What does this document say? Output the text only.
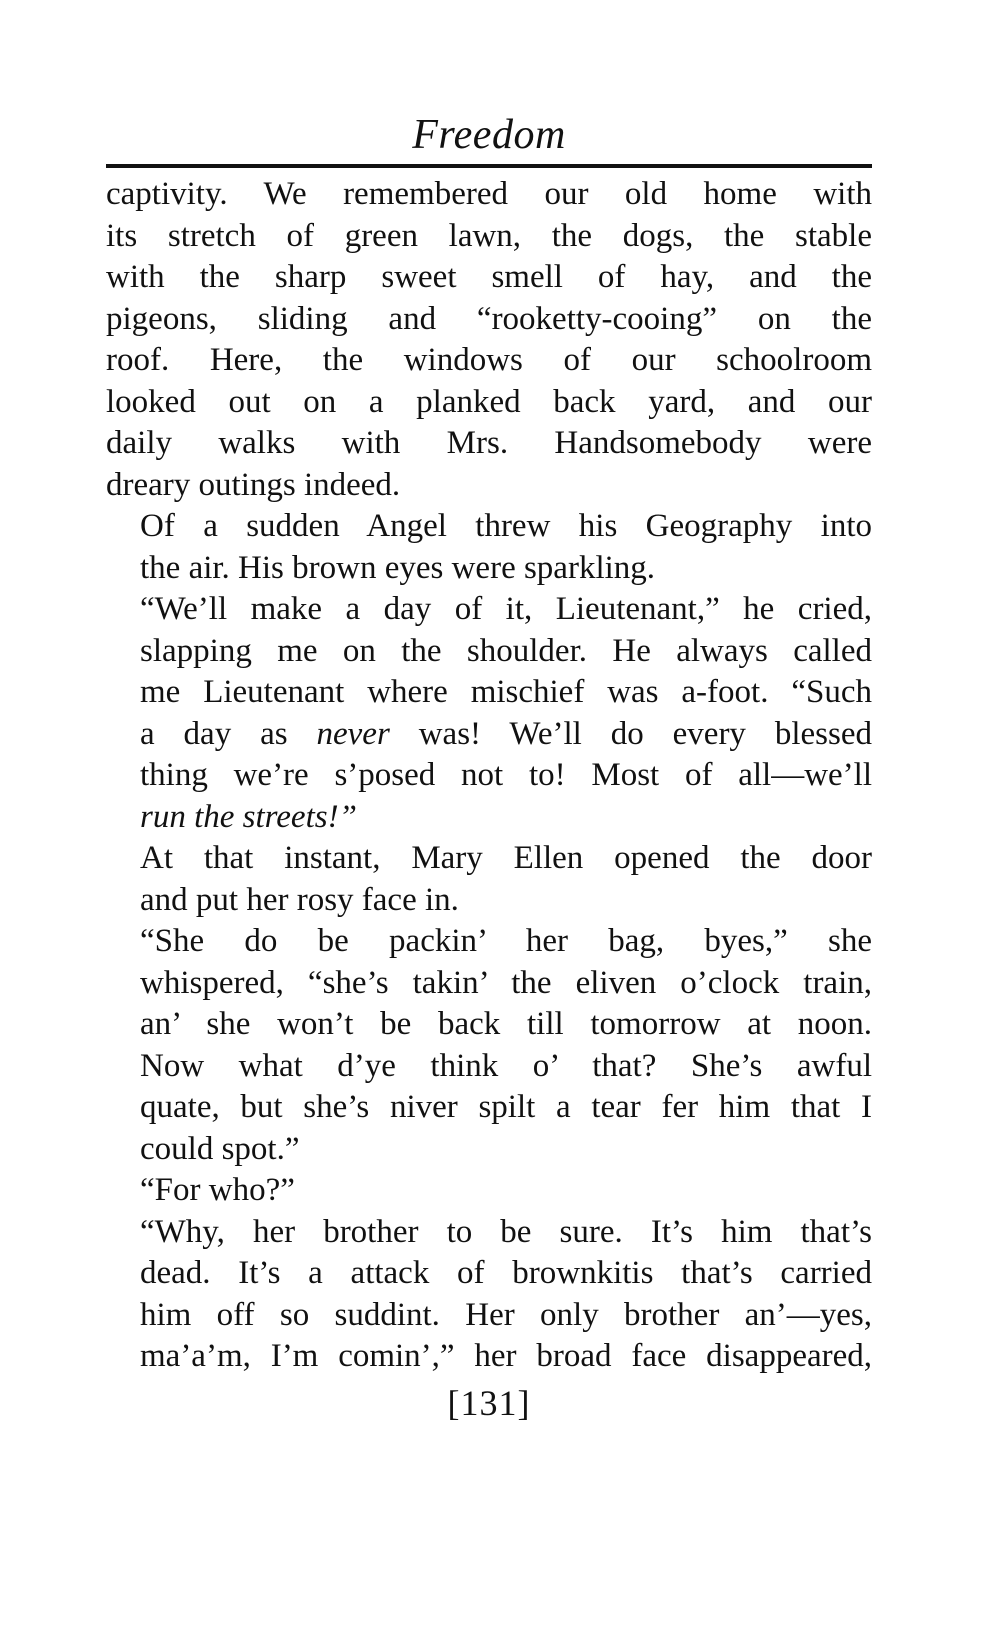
Freedom

captivity. We remembered our old home with
its stretch of green lawn, the dogs, the stable
with the sharp sweet smell of hay, and the
pigeons, sliding and “rooketty-cooing” on the
roof. Here, the windows of our schoolroom
looked out on a planked back yard, and our
daily walks with Mrs. Handsomebody were
dreary outings indeed.

Of a sudden Angel threw his Geography into
the air. His brown eyes were sparkling.

“We’ll make a day of it, Lieutenant,” he cried,
slapping me on the shoulder. He always called
me Lieutenant where mischief was a-foot. “Such
a day as never was! We’ll do every blessed
thing we’re s’posed not to! Most of all—we’ll
run the streets!”

At that instant, Mary Ellen opened the door
and put her rosy face in.

“She do be packin’ her bag, byes,” she
whispered, “she’s takin’ the eliven o’clock train,
an’ she won’t be back till tomorrow at noon.
Now what d’ye think o’ that? She’s awful
quate, but she’s niver spilt a tear fer him that I
could spot.”

“For who?”

“Why, her brother to be sure. It’s him that’s
dead. It’s a attack of brownkitis that’s carried
him off so suddint. Her only brother an’—yes,
ma’a’m, I’m comin’,” her broad face disappeared,

[131]
